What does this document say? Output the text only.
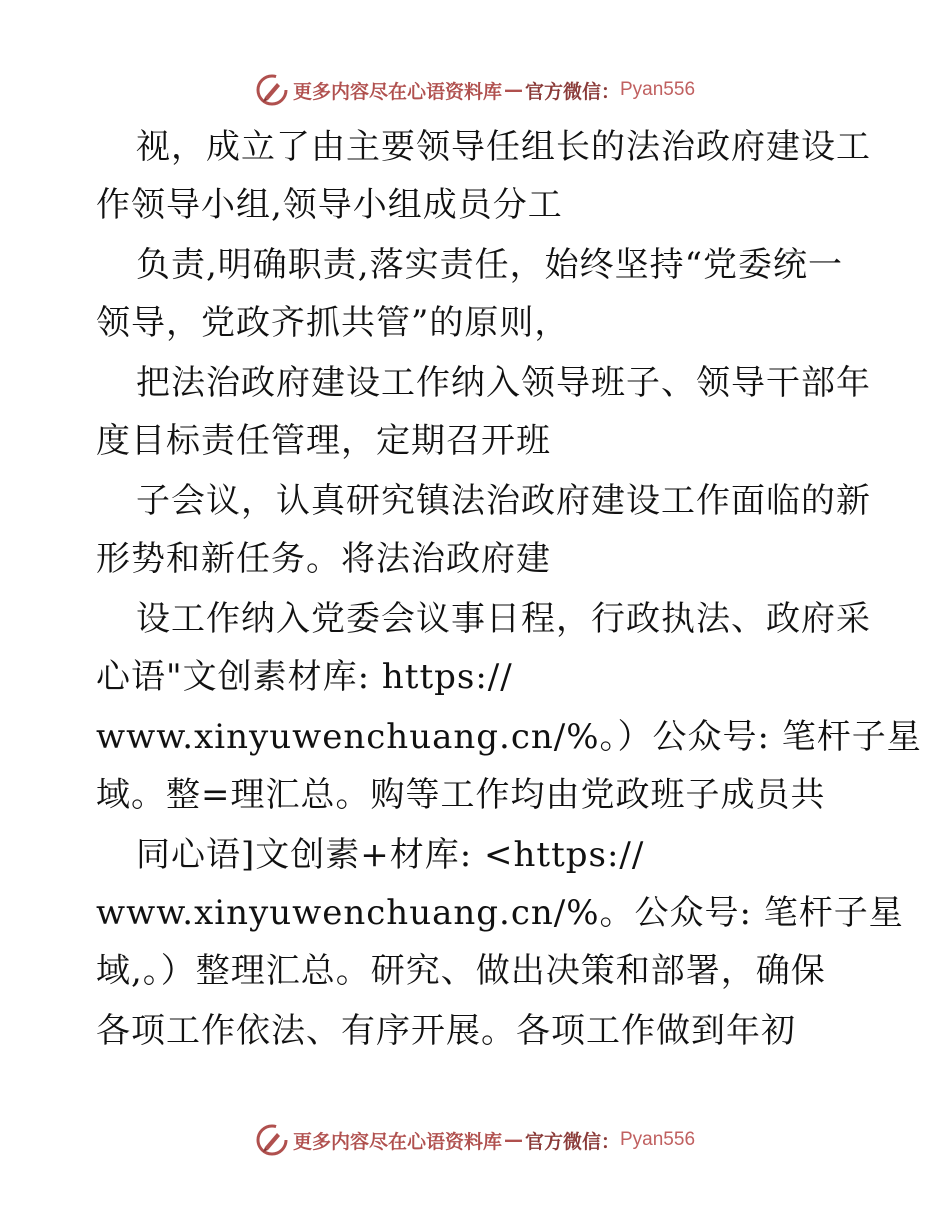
更多内容尽在心语资料库 — 官方微信： Pyan556
视，成立了由主要领导任组长的法治政府建设工
作领导小组,领导小组成员分工
负责,明确职责,落实责任，始终坚持“党委统一
领导，党政齐抓共管”的原则，
把法治政府建设工作纳入领导班子、领导干部年
度目标责任管理，定期召开班
子会议，认真研究镇法治政府建设工作面临的新
形势和新任务。将法治政府建
设工作纳入党委会议事日程，行政执法、政府采
心语"文创素材库: https://
www.xinyuwenchuang.cn/%。）公众号: 笔杆子星
域。整=理汇总。购等工作均由党政班子成员共
同心语]文创素+材库: <https://
www.xinyuwenchuang.cn/%。公众号: 笔杆子星
域,。）整理汇总。研究、做出决策和部署，确保
各项工作依法、有序开展。各项工作做到年初
更多内容尽在心语资料库 — 官方微信： Pyan556
